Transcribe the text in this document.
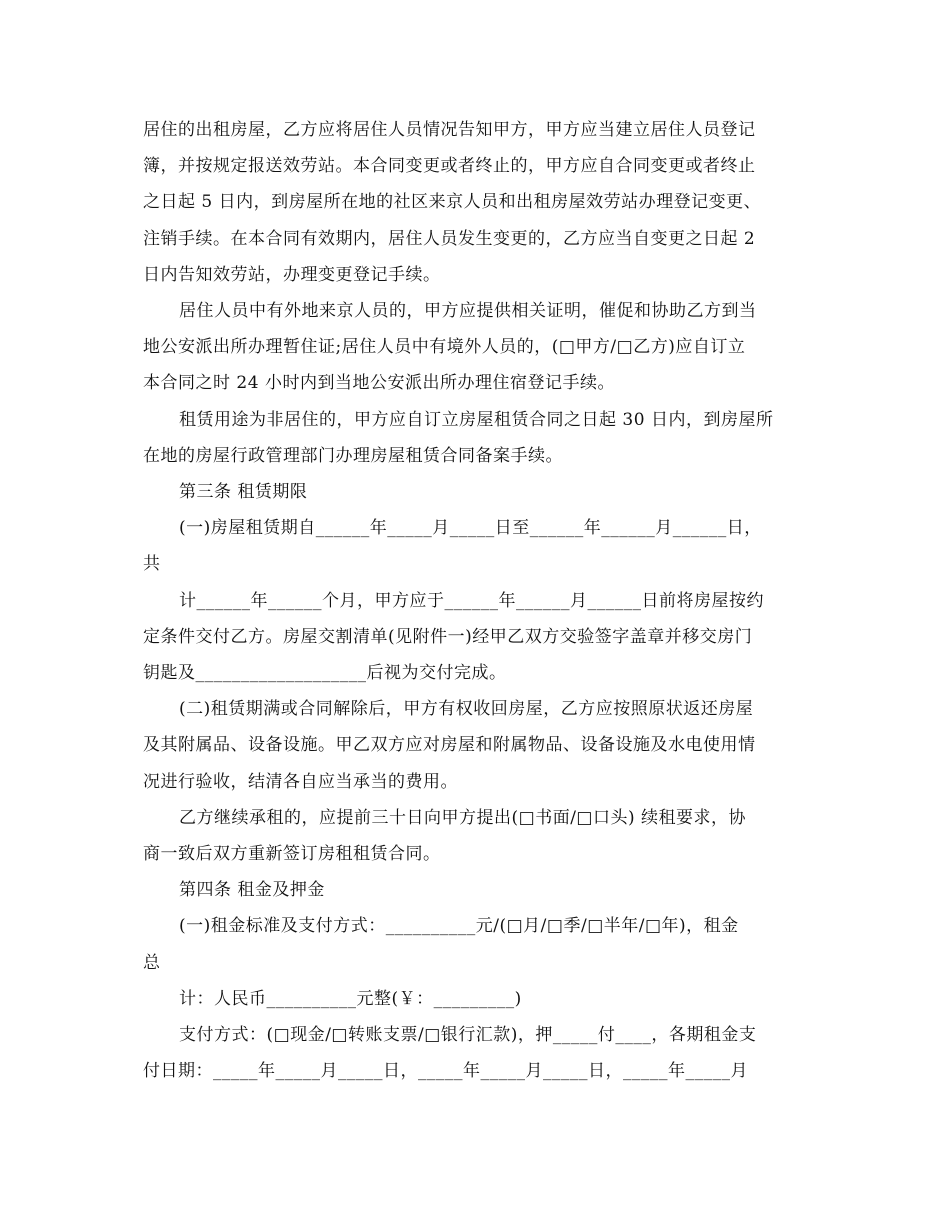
居住的出租房屋，乙方应将居住人员情况告知甲方，甲方应当建立居住人员登记

簿，并按规定报送效劳站。本合同变更或者终止的，甲方应自合同变更或者终止

之日起 5 日内，到房屋所在地的社区来京人员和出租房屋效劳站办理登记变更、

注销手续。在本合同有效期内，居住人员发生变更的，乙方应当自变更之日起 2

日内告知效劳站，办理变更登记手续。

居住人员中有外地来京人员的，甲方应提供相关证明，催促和协助乙方到当

地公安派出所办理暂住证;居住人员中有境外人员的，(□甲方/□乙方)应自订立

本合同之时 24 小时内到当地公安派出所办理住宿登记手续。

租赁用途为非居住的，甲方应自订立房屋租赁合同之日起 30 日内，到房屋所

在地的房屋行政管理部门办理房屋租赁合同备案手续。

第三条 租赁期限

(一)房屋租赁期自______年_____月_____日至______年______月______日，

共

计______年______个月，甲方应于______年______月______日前将房屋按约

定条件交付乙方。房屋交割清单(见附件一)经甲乙双方交验签字盖章并移交房门

钥匙及___________________后视为交付完成。

(二)租赁期满或合同解除后，甲方有权收回房屋，乙方应按照原状返还房屋

及其附属品、设备设施。甲乙双方应对房屋和附属物品、设备设施及水电使用情

况进行验收，结清各自应当承当的费用。

乙方继续承租的，应提前三十日向甲方提出(□书面/□口头) 续租要求，协

商一致后双方重新签订房租租赁合同。

第四条 租金及押金

(一)租金标准及支付方式：__________元/(□月/□季/□半年/□年)，租金

总

计：人民币__________元整(￥：_________)

支付方式：(□现金/□转账支票/□银行汇款)，押_____付____，各期租金支

付日期：_____年_____月_____日，_____年_____月_____日，_____年_____月
